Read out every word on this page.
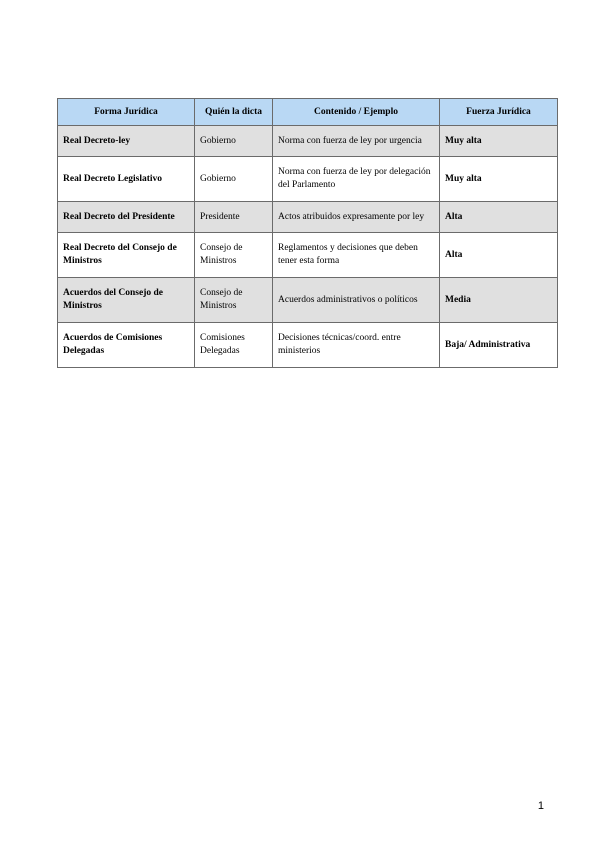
Forma Jurídica	Quién la dicta	Contenido / Ejemplo	Fuerza Jurídica
Real Decreto-ley	Gobierno	Norma con fuerza de ley por urgencia	Muy alta
Real Decreto Legislativo	Gobierno	Norma con fuerza de ley por delegación del Parlamento	Muy alta
Real Decreto del Presidente	Presidente	Actos atribuidos expresamente por ley	Alta
Real Decreto del Consejo de Ministros	Consejo de Ministros	Reglamentos y decisiones que deben tener esta forma	Alta
Acuerdos del Consejo de Ministros	Consejo de Ministros	Acuerdos administrativos o políticos	Media
Acuerdos de Comisiones Delegadas	Comisiones Delegadas	Decisiones técnicas/coord. entre ministerios	Baja/ Administrativa
1
